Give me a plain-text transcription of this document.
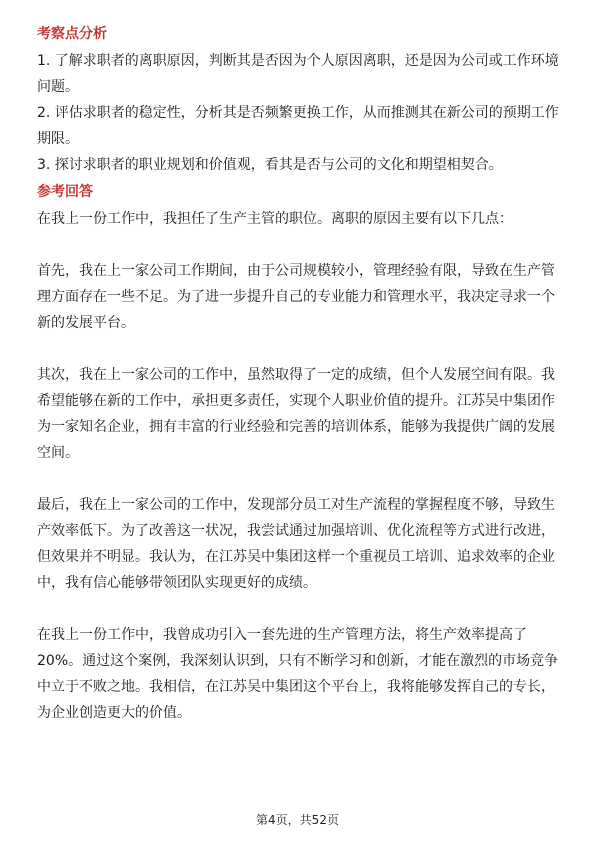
考察点分析

1. 了解求职者的离职原因，判断其是否因为个人原因离职，还是因为公司或工作环境问题。

2. 评估求职者的稳定性，分析其是否频繁更换工作，从而推测其在新公司的预期工作期限。

3. 探讨求职者的职业规划和价值观，看其是否与公司的文化和期望相契合。

参考回答

在我上一份工作中，我担任了生产主管的职位。离职的原因主要有以下几点：

首先，我在上一家公司工作期间，由于公司规模较小，管理经验有限，导致在生产管理方面存在一些不足。为了进一步提升自己的专业能力和管理水平，我决定寻求一个新的发展平台。

其次，我在上一家公司的工作中，虽然取得了一定的成绩，但个人发展空间有限。我希望能够在新的工作中，承担更多责任，实现个人职业价值的提升。江苏吴中集团作为一家知名企业，拥有丰富的行业经验和完善的培训体系，能够为我提供广阔的发展空间。

最后，我在上一家公司的工作中，发现部分员工对生产流程的掌握程度不够，导致生产效率低下。为了改善这一状况，我尝试通过加强培训、优化流程等方式进行改进，但效果并不明显。我认为，在江苏吴中集团这样一个重视员工培训、追求效率的企业中，我有信心能够带领团队实现更好的成绩。

在我上一份工作中，我曾成功引入一套先进的生产管理方法，将生产效率提高了20%。通过这个案例，我深刻认识到，只有不断学习和创新，才能在激烈的市场竞争中立于不败之地。我相信，在江苏吴中集团这个平台上，我将能够发挥自己的专长，为企业创造更大的价值。

第4页，共52页
